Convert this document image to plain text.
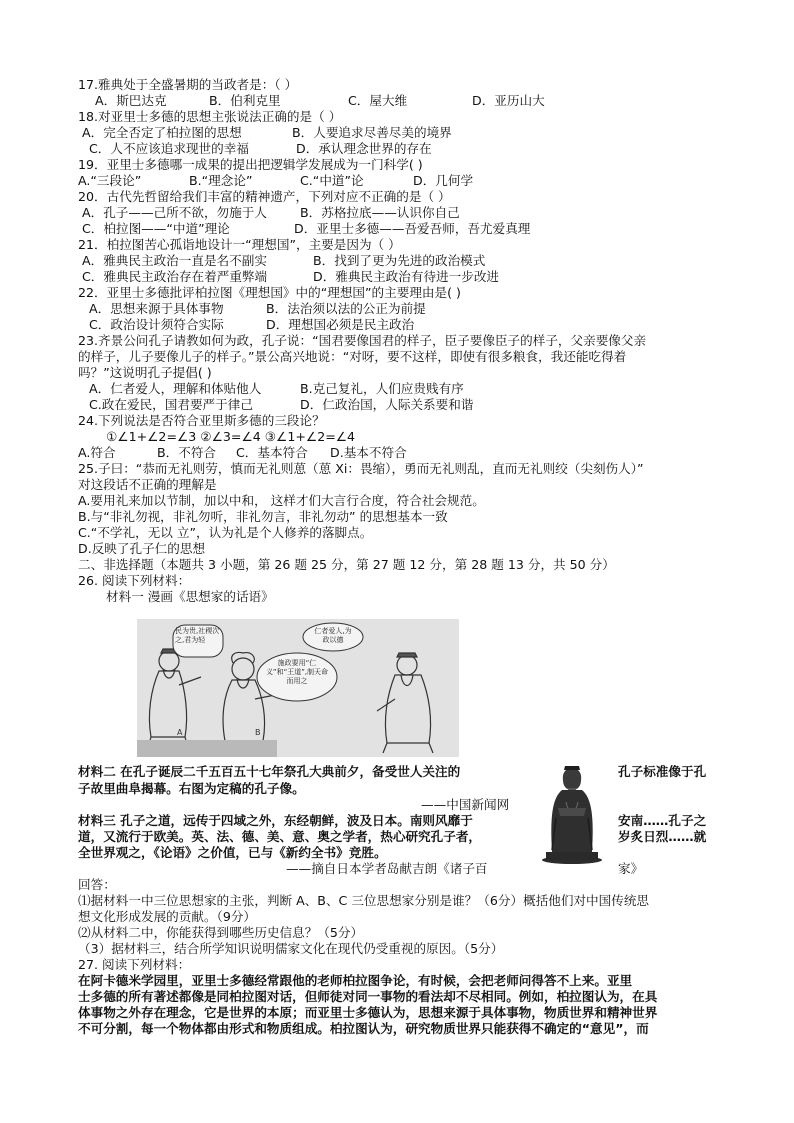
17.雅典处于全盛暑期的当政者是：（ ）
A．斯巴达克	B．伯利克里	C．屋大维	D．亚历山大
18.对亚里士多德的思想主张说法正确的是（ ）
A．完全否定了柏拉图的思想	B．人要追求尽善尽美的境界
C．人不应该追求现世的幸福	D．承认理念世界的存在
19．亚里士多德哪一成果的提出把逻辑学发展成为一门科学( )
A.“三段论”	B.“理念论”	C.“中道”论	D．几何学
20．古代先哲留给我们丰富的精神遗产，下列对应不正确的是（ ）
A．孔子——己所不欲，勿施于人	B．苏格拉底——认识你自己
C．柏拉图——“中道”理论	D．亚里士多德——吾爱吾师，吾尤爱真理
21．柏拉图苦心孤诣地设计一“理想国”，主要是因为（ ）
A．雅典民主政治一直是名不副实	B．找到了更为先进的政治模式
C．雅典民主政治存在着严重弊端	D．雅典民主政治有待进一步改进
22．亚里士多德批评柏拉图《理想国》中的“理想国”的主要理由是( )
A．思想来源于具体事物	B．法治须以法的公正为前提
C．政治设计须符合实际	D．理想国必须是民主政治
23.齐景公问孔子请教如何为政，孔子说：“国君要像国君的样子，臣子要像臣子的样子，父亲要像父亲
的样子，儿子要像儿子的样子。”景公高兴地说：“对呀，要不这样，即使有很多粮食，我还能吃得着
吗？”这说明孔子提倡( )
A．仁者爱人，理解和体贴他人	B.克己复礼，人们应贵贱有序
C.政在爱民，国君要严于律己	D．仁政治国，人际关系要和谐
24.下列说法是否符合亚里斯多德的三段论？
①∠1+∠2=∠3 ②∠3=∠4 ③∠1+∠2=∠4
A.符合	B．不符合 C．基本符合 D.基本不符合
25.子曰：“恭而无礼则劳，慎而无礼则葸（葸 Xi：畏缩），勇而无礼则乱，直而无礼则绞（尖刻伤人）”
对这段话不正确的理解是
A.要用礼来加以节制，加以中和， 这样才们大言行合度，符合社会规范。
B.与“非礼勿视，非礼勿听，非礼勿言，非礼勿动” 的思想基本一致
C.“不学礼，无以 立”，认为礼是个人修养的落脚点。
D.反映了孔子仁的思想
二、非选择题（本题共 3 小题，第 26 题 25 分，第 27 题 12 分，第 28 题 13 分，共 50 分）
26. 阅读下列材料：
材料一 漫画《思想家的话语》
民为贵,社稷次之,君为轻
施政要用“仁义”和“王道”,制天命而用之
仁者爱人,为政以德
A	B
材料二 在孔子诞辰二千五百五十七年祭孔大典前夕，备受世人关注的	孔子标准像于孔
子故里曲阜揭幕。右图为定稿的孔子像。
——中国新闻网
材料三 孔子之道，远传于四域之外，东经朝鲜，波及日本。南则风靡于	安南……孔子之
道，又流行于欧美。英、法、德、美、意、奥之学者，热心研究孔子者，	岁炙日烈……就
全世界观之，《论语》之价值，已与《新约全书》竞胜。
——摘自日本学者岛献吉朗《诸子百	家》
回答：
⑴据材料一中三位思想家的主张，判断 A、B、C 三位思想家分别是谁？（6分）概括他们对中国传统思
想文化形成发展的贡献。（9分）
⑵从材料二中，你能获得到哪些历史信息？（5分）
（3）据材料三，结合所学知识说明儒家文化在现代仍受重视的原因。（5分）
27. 阅读下列材料：
在阿卡德米学园里，亚里士多德经常跟他的老师柏拉图争论，有时候，会把老师问得答不上来。亚里
士多德的所有著述都像是同柏拉图对话，但师徒对同一事物的看法却不尽相同。例如，柏拉图认为，在具
体事物之外存在理念，它是世界的本原；而亚里士多德认为，思想来源于具体事物，物质世界和精神世界
不可分割，每一个物体都由形式和物质组成。柏拉图认为，研究物质世界只能获得不确定的“意见”，而
